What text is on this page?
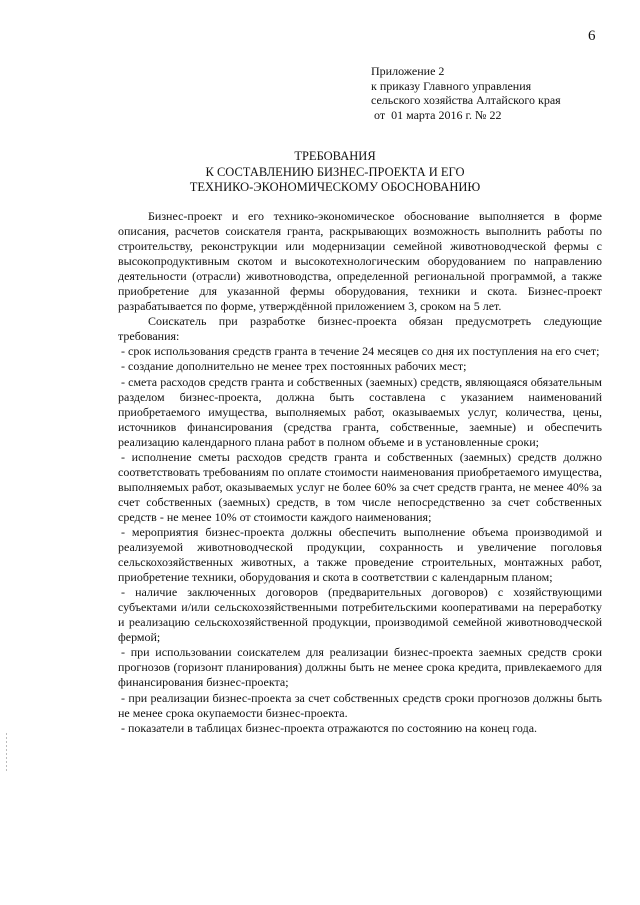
6
Приложение 2
к приказу Главного управления
сельского хозяйства Алтайского края
от  01 марта 2016 г. № 22
ТРЕБОВАНИЯ
К СОСТАВЛЕНИЮ БИЗНЕС-ПРОЕКТА И ЕГО
ТЕХНИКО-ЭКОНОМИЧЕСКОМУ ОБОСНОВАНИЮ

Бизнес-проект и его технико-экономическое обоснование выполняется в форме описания, расчетов соискателя гранта, раскрывающих возможность выполнить работы по строительству, реконструкции или модернизации семейной животноводческой фермы с высокопродуктивным скотом и высокотехнологическим оборудованием по направлению деятельности (отрасли) животноводства, определенной региональной программой, а также приобретение для указанной фермы оборудования, техники и скота. Бизнес-проект разрабатывается по форме, утверждённой приложением 3, сроком на 5 лет.

Соискатель при разработке бизнес-проекта обязан предусмотреть следующие требования:

- срок использования средств гранта в течение 24 месяцев со дня их поступления на его счет;

- создание дополнительно не менее трех постоянных рабочих мест;

- смета расходов средств гранта и собственных (заемных) средств, являющаяся обязательным разделом бизнес-проекта, должна быть составлена с указанием наименований приобретаемого имущества, выполняемых работ, оказываемых услуг, количества, цены, источников финансирования (средства гранта, собственные, заемные) и обеспечить реализацию календарного плана работ в полном объеме и в установленные сроки;

- исполнение сметы расходов средств гранта и собственных (заемных) средств должно соответствовать требованиям по оплате стоимости наименования приобретаемого имущества, выполняемых работ, оказываемых услуг не более 60% за счет средств гранта, не менее 40% за счет собственных (заемных) средств, в том числе непосредственно за счет собственных средств - не менее 10% от стоимости каждого наименования;

- мероприятия бизнес-проекта должны обеспечить выполнение объема производимой и реализуемой животноводческой продукции, сохранность и увеличение поголовья сельскохозяйственных животных, а также проведение строительных, монтажных работ, приобретение техники, оборудования и скота в соответствии с календарным планом;

- наличие заключенных договоров (предварительных договоров) с хозяйствующими субъектами и/или сельскохозяйственными потребительскими кооперативами на переработку и реализацию сельскохозяйственной продукции, производимой семейной животноводческой фермой;

- при использовании соискателем для реализации бизнес-проекта заемных средств сроки прогнозов (горизонт планирования) должны быть не менее срока кредита, привлекаемого для финансирования бизнес-проекта;

- при реализации бизнес-проекта за счет собственных средств сроки прогнозов должны быть не менее срока окупаемости бизнес-проекта.

- показатели в таблицах бизнес-проекта отражаются по состоянию на конец года.
